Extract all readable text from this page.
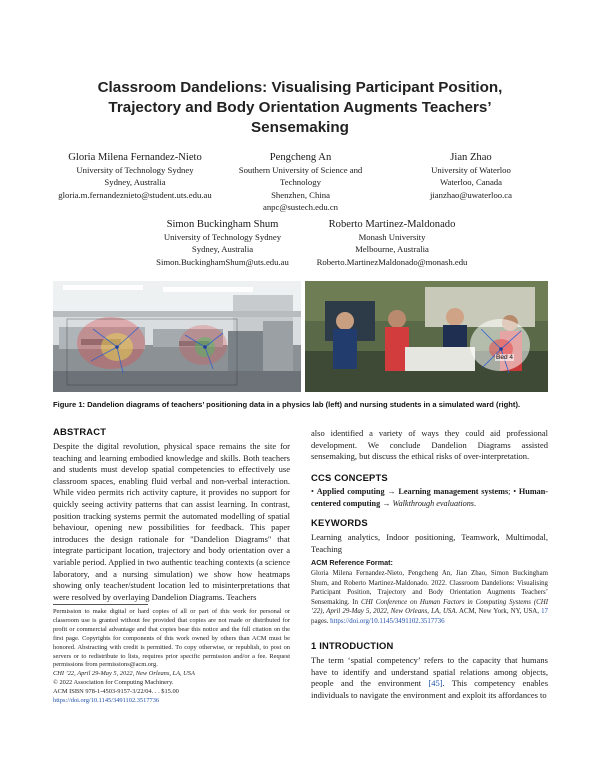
Classroom Dandelions: Visualising Participant Position, Trajectory and Body Orientation Augments Teachers’ Sensemaking
Gloria Milena Fernandez-Nieto
University of Technology Sydney
Sydney, Australia
gloria.m.fernandeznieto@student.uts.edu.au
Pengcheng An
Southern University of Science and Technology
Shenzhen, China
anpc@sustech.edu.cn
Jian Zhao
University of Waterloo
Waterloo, Canada
jianzhao@uwaterloo.ca
Simon Buckingham Shum
University of Technology Sydney
Sydney, Australia
Simon.BuckinghamShum@uts.edu.au
Roberto Martinez-Maldonado
Monash University
Melbourne, Australia
Roberto.MartinezMaldonado@monash.edu
Bed 4
Figure 1: Dandelion diagrams of teachers’ positioning data in a physics lab (left) and nursing students in a simulated ward (right).
ABSTRACT
Despite the digital revolution, physical space remains the site for teaching and learning embodied knowledge and skills. Both teachers and students must develop spatial competencies to effectively use classroom spaces, enabling fluid verbal and non-verbal interaction. While video permits rich activity capture, it provides no support for quickly seeing activity patterns that can assist learning. In contrast, position tracking systems permit the automated modelling of spatial behaviour, opening new possibilities for feedback. This paper introduces the design rationale for "Dandelion Diagrams" that integrate participant location, trajectory and body orientation over a variable period. Applied in two authentic teaching contexts (a science laboratory, and a nursing simulation) we show how heatmaps showing only teacher/student location led to misinterpretations that were resolved by overlaying Dandelion Diagrams. Teachers
Permission to make digital or hard copies of all or part of this work for personal or classroom use is granted without fee provided that copies are not made or distributed for profit or commercial advantage and that copies bear this notice and the full citation on the first page. Copyrights for components of this work owned by others than ACM must be honored. Abstracting with credit is permitted. To copy otherwise, or republish, to post on servers or to redistribute to lists, requires prior specific permission and/or a fee. Request permissions from permissions@acm.org.
CHI ’22, April 29-May 5, 2022, New Orleans, LA, USA
© 2022 Association for Computing Machinery.
ACM ISBN 978-1-4503-9157-3/22/04. . . $15.00
https://doi.org/10.1145/3491102.3517736
also identified a variety of ways they could aid professional development. We conclude Dandelion Diagrams assisted sensemaking, but discuss the ethical risks of over-interpretation.
CCS CONCEPTS
• Applied computing → Learning management systems; • Human-centered computing → Walkthrough evaluations.
KEYWORDS
Learning analytics, Indoor positioning, Teamwork, Multimodal, Teaching
ACM Reference Format:
Gloria Milena Fernandez-Nieto, Pengcheng An, Jian Zhao, Simon Buckingham Shum, and Roberto Martinez-Maldonado. 2022. Classroom Dandelions: Visualising Participant Position, Trajectory and Body Orientation Augments Teachers’ Sensemaking. In CHI Conference on Human Factors in Computing Systems (CHI ’22), April 29-May 5, 2022, New Orleans, LA, USA. ACM, New York, NY, USA, 17 pages. https://doi.org/10.1145/3491102.3517736
1 INTRODUCTION
The term ‘spatial competency’ refers to the capacity that humans have to identify and understand spatial relations among objects, people and the environment [45]. This competency enables individuals to navigate the environment and exploit its affordances to
